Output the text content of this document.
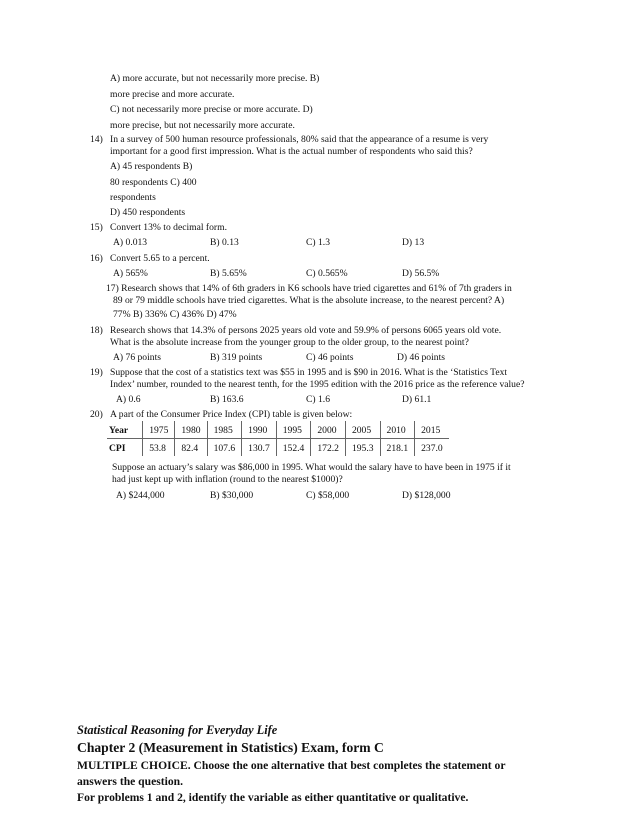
A) more accurate, but not necessarily more precise. B)
more precise and more accurate.
C) not necessarily more precise or more accurate. D)
more precise, but not necessarily more accurate.
14) In a survey of 500 human resource professionals, 80% said that the appearance of a resume is very
important for a good first impression. What is the actual number of respondents who said this?
A) 45 respondents B)
80 respondents C) 400
respondents
D) 450 respondents
15) Convert 13% to decimal form.
A) 0.013	B) 0.13	C) 1.3	D) 13
16) Convert 5.65 to a percent.
A) 565%	B) 5.65%	C) 0.565%	D) 56.5%
17) Research shows that 14% of 6th graders in K6 schools have tried cigarettes and 61% of 7th graders in
89 or 79 middle schools have tried cigarettes. What is the absolute increase, to the nearest percent? A)
77% B) 336% C) 436% D) 47%
18) Research shows that 14.3% of persons 2025 years old vote and 59.9% of persons 6065 years old vote.
What is the absolute increase from the younger group to the older group, to the nearest point?
A) 76 points	B) 319 points	C) 46 points	D) 46 points
19) Suppose that the cost of a statistics text was $55 in 1995 and is $90 in 2016. What is the ‘Statistics Text
Index’ number, rounded to the nearest tenth, for the 1995 edition with the 2016 price as the reference value?
A) 0.6	B) 163.6	C) 1.6	D) 61.1
20) A part of the Consumer Price Index (CPI) table is given below:
Year	1975	1980	1985	1990	1995	2000	2005	2010	2015
CPI	53.8	82.4	107.6	130.7	152.4	172.2	195.3	218.1	237.0
Suppose an actuary’s salary was $86,000 in 1995. What would the salary have to have been in 1975 if it
had just kept up with inflation (round to the nearest $1000)?
A) $244,000	B) $30,000	C) $58,000	D) $128,000
Statistical Reasoning for Everyday Life
Chapter 2 (Measurement in Statistics) Exam, form C
MULTIPLE CHOICE. Choose the one alternative that best completes the statement or
answers the question.
For problems 1 and 2, identify the variable as either quantitative or qualitative.
